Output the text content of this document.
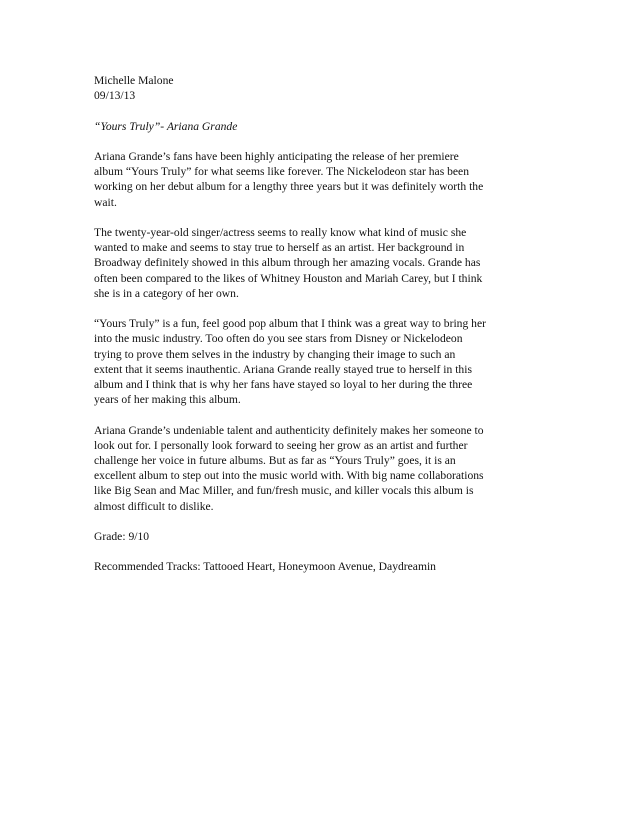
Michelle Malone
09/13/13
“Yours Truly”- Ariana Grande
Ariana Grande’s fans have been highly anticipating the release of her premiere
album “Yours Truly” for what seems like forever. The Nickelodeon star has been
working on her debut album for a lengthy three years but it was definitely worth the
wait.
The twenty-year-old singer/actress seems to really know what kind of music she
wanted to make and seems to stay true to herself as an artist. Her background in
Broadway definitely showed in this album through her amazing vocals. Grande has
often been compared to the likes of Whitney Houston and Mariah Carey, but I think
she is in a category of her own.
“Yours Truly” is a fun, feel good pop album that I think was a great way to bring her
into the music industry. Too often do you see stars from Disney or Nickelodeon
trying to prove them selves in the industry by changing their image to such an
extent that it seems inauthentic. Ariana Grande really stayed true to herself in this
album and I think that is why her fans have stayed so loyal to her during the three
years of her making this album.
Ariana Grande’s undeniable talent and authenticity definitely makes her someone to
look out for. I personally look forward to seeing her grow as an artist and further
challenge her voice in future albums. But as far as “Yours Truly” goes, it is an
excellent album to step out into the music world with. With big name collaborations
like Big Sean and Mac Miller, and fun/fresh music, and killer vocals this album is
almost difficult to dislike.
Grade: 9/10
Recommended Tracks: Tattooed Heart, Honeymoon Avenue, Daydreamin
